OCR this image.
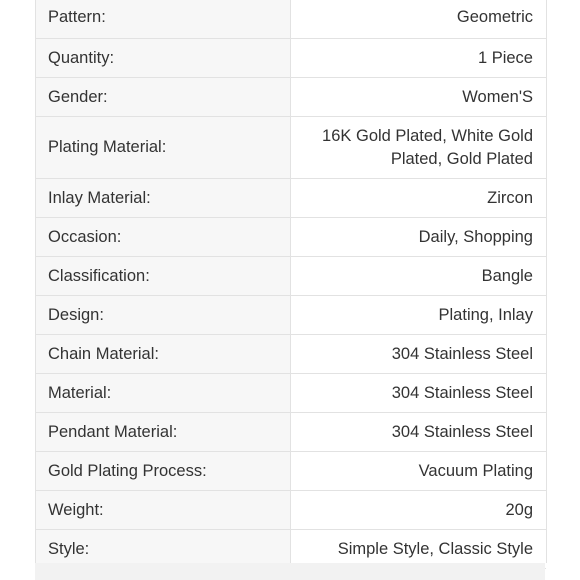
Pattern:	Geometric
Quantity:	1 Piece
Gender:	Women'S
Plating Material:
16K Gold Plated, White Gold Plated, Gold Plated
Inlay Material:	Zircon
Occasion:	Daily, Shopping
Classification:	Bangle
Design:	Plating, Inlay
Chain Material:	304 Stainless Steel
Material:	304 Stainless Steel
Pendant Material:	304 Stainless Steel
Gold Plating Process:	Vacuum Plating
Weight:	20g
Style:	Simple Style, Classic Style
